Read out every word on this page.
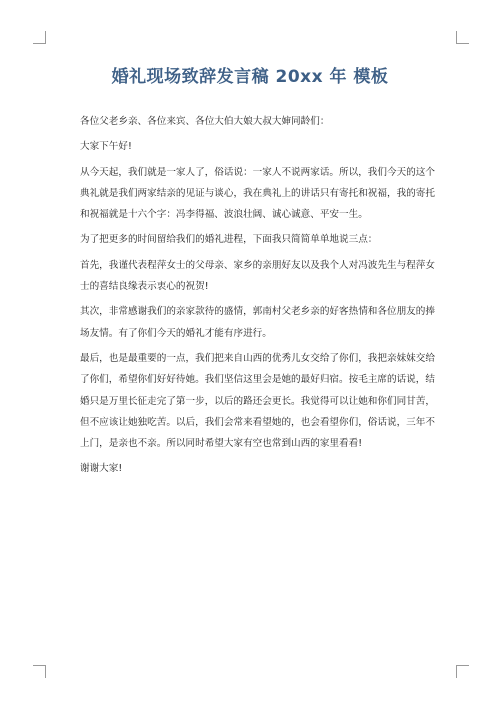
婚礼现场致辞发言稿 20xx 年 模板

各位父老乡亲、各位来宾、各位大伯大娘大叔大婶同龄们：

大家下午好!

从今天起，我们就是一家人了，俗话说：一家人不说两家话。所以，我们今天的这个典礼就是我们两家结亲的见证与谈心，我在典礼上的讲话只有寄托和祝福，我的寄托和祝福就是十六个字：冯李得福、波浪壮阔、诚心诚意、平安一生。

为了把更多的时间留给我们的婚礼进程，下面我只简简单单地说三点：

首先，我谨代表程萍女士的父母亲、家乡的亲朋好友以及我个人对冯波先生与程萍女士的喜结良缘表示衷心的祝贺!

其次，非常感谢我们的亲家款待的盛情，郭南村父老乡亲的好客热情和各位朋友的捧场友情。有了你们今天的婚礼才能有序进行。

最后，也是最重要的一点，我们把来自山西的优秀儿女交给了你们，我把亲妹妹交给了你们，希望你们好好待她。我们坚信这里会是她的最好归宿。按毛主席的话说，结婚只是万里长征走完了第一步，以后的路还会更长。我觉得可以让她和你们同甘苦，但不应该让她独吃苦。以后，我们会常来看望她的，也会看望你们，俗话说，三年不上门，是亲也不亲。所以同时希望大家有空也常到山西的家里看看!

谢谢大家!
